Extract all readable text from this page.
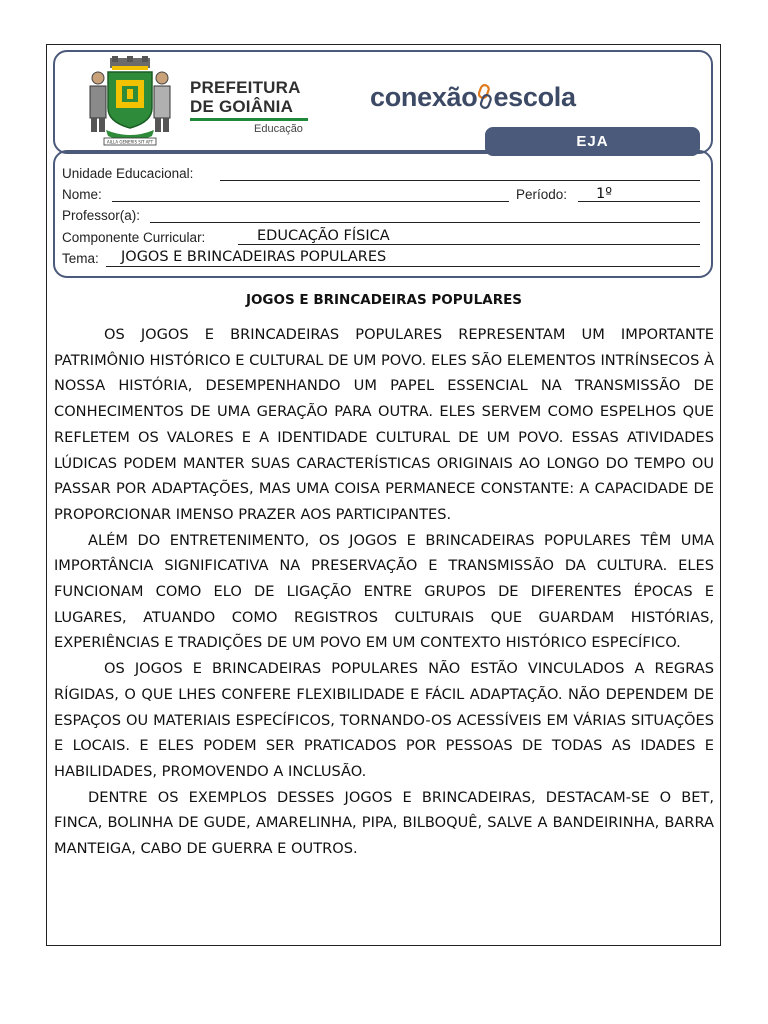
AILLA GENERIS SIT AFT
PREFEITURA
DE GOIÂNIA
Educação
conexão escola
EJA
Unidade Educacional:
Nome:	Período: 1º
Professor(a):
Componente Curricular:	EDUCAÇÃO FÍSICA
Tema: JOGOS E BRINCADEIRAS POPULARES
JOGOS E BRINCADEIRAS POPULARES

OS JOGOS E BRINCADEIRAS POPULARES REPRESENTAM UM IMPORTANTE PATRIMÔNIO HISTÓRICO E CULTURAL DE UM POVO. ELES SÃO ELEMENTOS INTRÍNSECOS À NOSSA HISTÓRIA, DESEMPENHANDO UM PAPEL ESSENCIAL NA TRANSMISSÃO DE CONHECIMENTOS DE UMA GERAÇÃO PARA OUTRA. ELES SERVEM COMO ESPELHOS QUE REFLETEM OS VALORES E A IDENTIDADE CULTURAL DE UM POVO. ESSAS ATIVIDADES LÚDICAS PODEM MANTER SUAS CARACTERÍSTICAS ORIGINAIS AO LONGO DO TEMPO OU PASSAR POR ADAPTAÇÕES, MAS UMA COISA PERMANECE CONSTANTE: A CAPACIDADE DE PROPORCIONAR IMENSO PRAZER AOS PARTICIPANTES.

ALÉM DO ENTRETENIMENTO, OS JOGOS E BRINCADEIRAS POPULARES TÊM UMA IMPORTÂNCIA SIGNIFICATIVA NA PRESERVAÇÃO E TRANSMISSÃO DA CULTURA. ELES FUNCIONAM COMO ELO DE LIGAÇÃO ENTRE GRUPOS DE DIFERENTES ÉPOCAS E LUGARES, ATUANDO COMO REGISTROS CULTURAIS QUE GUARDAM HISTÓRIAS, EXPERIÊNCIAS E TRADIÇÕES DE UM POVO EM UM CONTEXTO HISTÓRICO ESPECÍFICO.

OS JOGOS E BRINCADEIRAS POPULARES NÃO ESTÃO VINCULADOS A REGRAS RÍGIDAS, O QUE LHES CONFERE FLEXIBILIDADE E FÁCIL ADAPTAÇÃO. NÃO DEPENDEM DE ESPAÇOS OU MATERIAIS ESPECÍFICOS, TORNANDO-OS ACESSÍVEIS EM VÁRIAS SITUAÇÕES E LOCAIS. E ELES PODEM SER PRATICADOS POR PESSOAS DE TODAS AS IDADES E HABILIDADES, PROMOVENDO A INCLUSÃO.

DENTRE OS EXEMPLOS DESSES JOGOS E BRINCADEIRAS, DESTACAM-SE O BET, FINCA, BOLINHA DE GUDE, AMARELINHA, PIPA, BILBOQUÊ, SALVE A BANDEIRINHA, BARRA MANTEIGA, CABO DE GUERRA E OUTROS.
